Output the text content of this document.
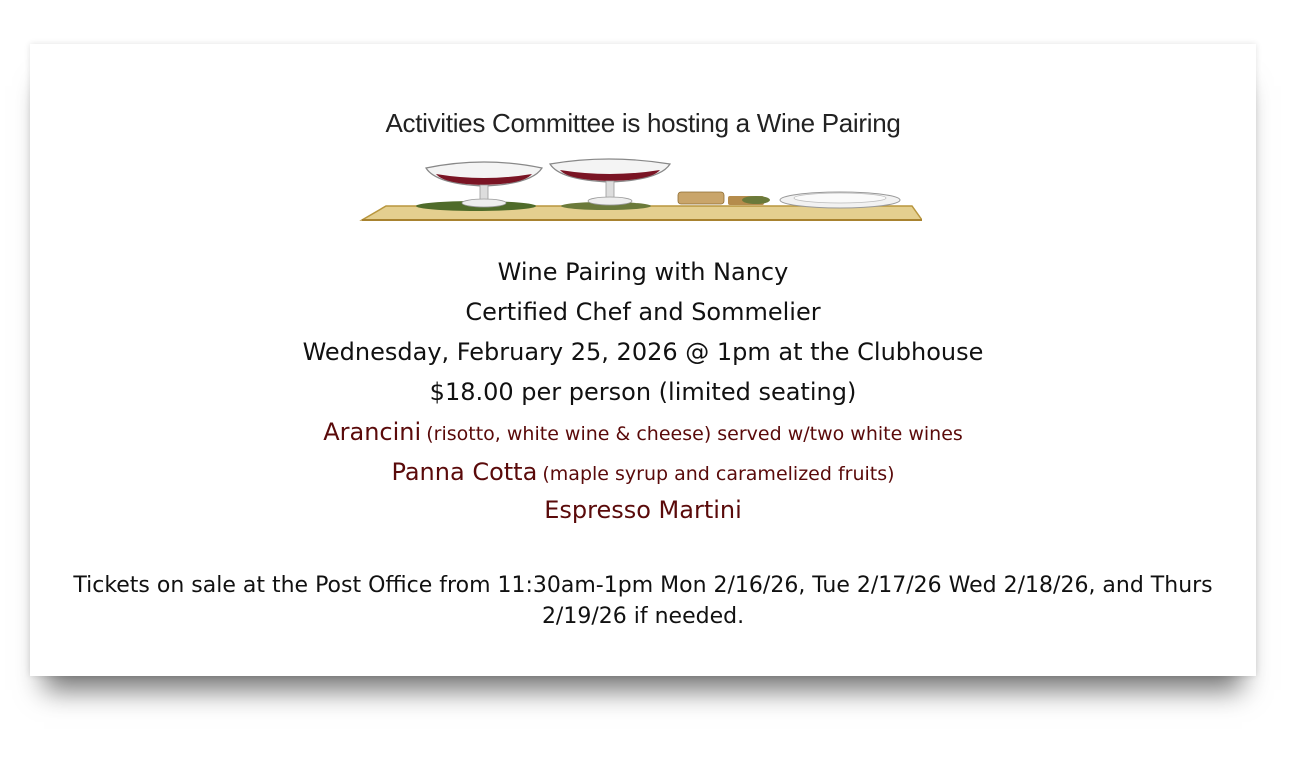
Activities Committee is hosting a Wine Pairing
Wine Pairing with Nancy
Certified Chef and Sommelier
Wednesday, February 25, 2026 @ 1pm at the Clubhouse
$18.00 per person (limited seating)
Arancini (risotto, white wine & cheese) served w/two white wines
Panna Cotta (maple syrup and caramelized fruits)
Espresso Martini
Tickets on sale at the Post Office from 11:30am-1pm Mon 2/16/26, Tue 2/17/26 Wed 2/18/26, and Thurs 2/19/26 if needed.
